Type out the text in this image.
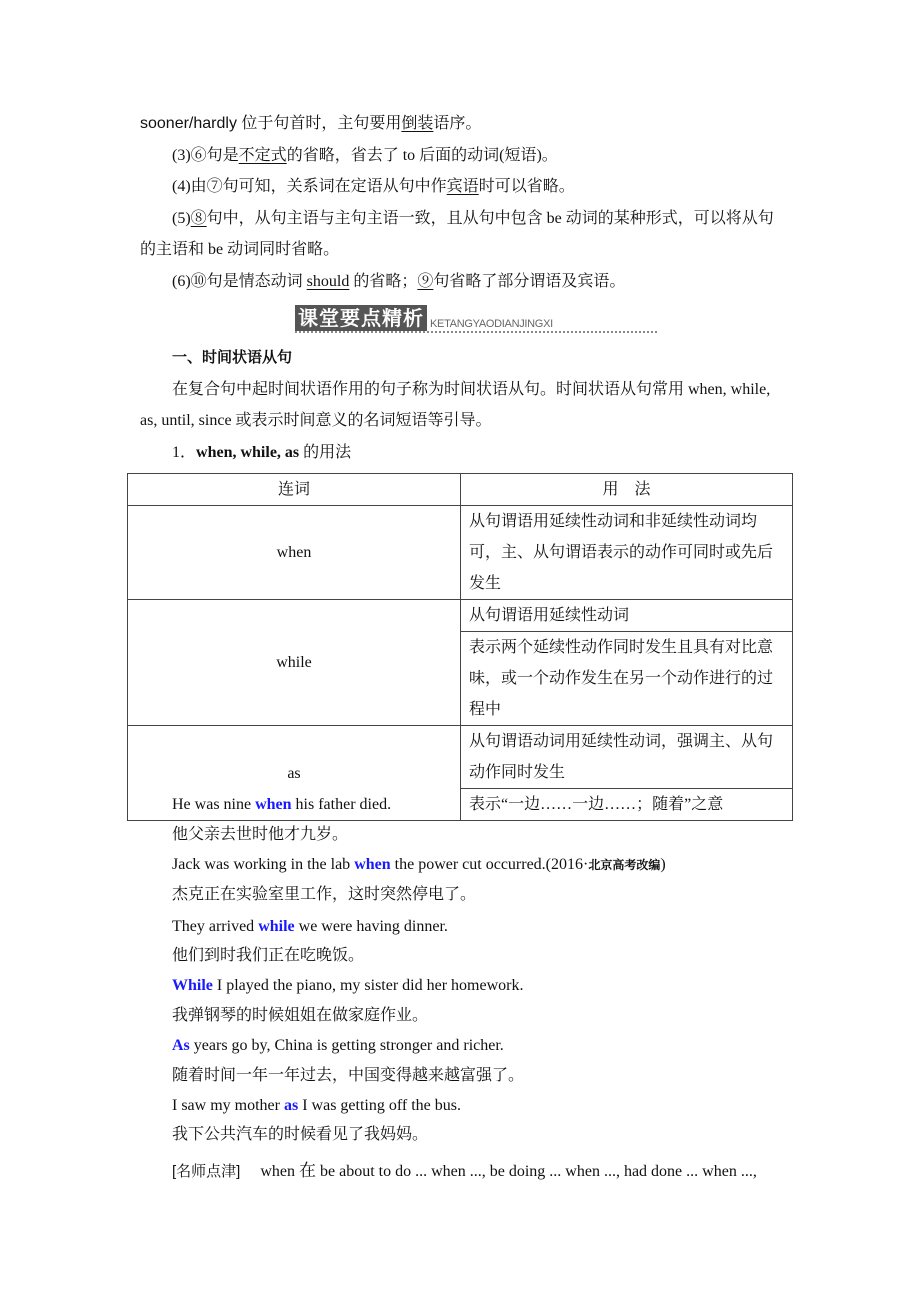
sooner/hardly 位于句首时，主句要用倒装语序。
(3)⑥句是不定式的省略，省去了 to 后面的动词(短语)。
(4)由⑦句可知，关系词在定语从句中作宾语时可以省略。
(5)⑧句中，从句主语与主句主语一致，且从句中包含 be 动词的某种形式，可以将从句
的主语和 be 动词同时省略。
(6)⑩句是情态动词 should 的省略；⑨句省略了部分谓语及宾语。
课堂要点精析 KETANGYAODIANJINGXI
一、时间状语从句
在复合句中起时间状语作用的句子称为时间状语从句。时间状语从句常用 when, while,
as, until, since 或表示时间意义的名词短语等引导。
1．when, while, as 的用法
连词	用　法
when	从句谓语用延续性动词和非延续性动词均可，主、从句谓语表示的动作可同时或先后发生
while	从句谓语用延续性动词
	表示两个延续性动作同时发生且具有对比意味，或一个动作发生在另一个动作进行的过程中
as	从句谓语动词用延续性动词，强调主、从句动作同时发生
	表示“一边……一边……；随着”之意
He was nine when his father died.
他父亲去世时他才九岁。
Jack was working in the lab when the power cut occurred.(2016·北京高考改编)
杰克正在实验室里工作，这时突然停电了。
They arrived while we were having dinner.
他们到时我们正在吃晚饭。
While I played the piano, my sister did her homework.
我弹钢琴的时候姐姐在做家庭作业。
As years go by, China is getting stronger and richer.
随着时间一年一年过去，中国变得越来越富强了。
I saw my mother as I was getting off the bus.
我下公共汽车的时候看见了我妈妈。
[名师点津] when 在 be about to do ... when ..., be doing ... when ..., had done ... when ...,
